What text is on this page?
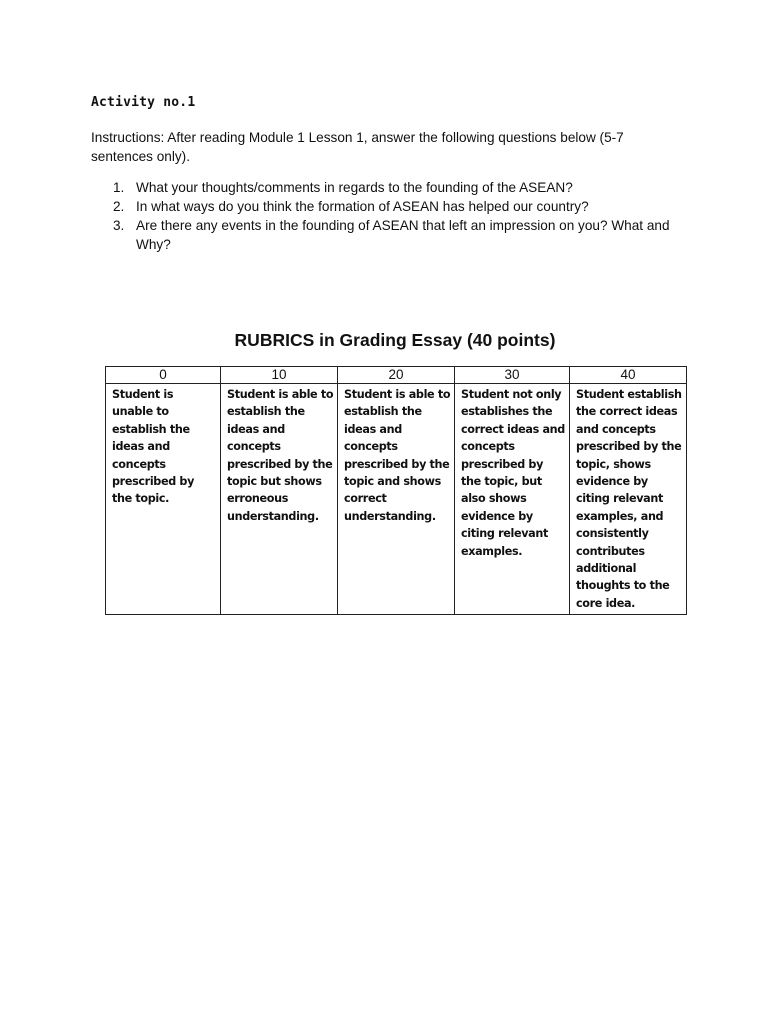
Activity no.1
Instructions: After reading Module 1 Lesson 1, answer the following questions below (5-7 sentences only).
1. What your thoughts/comments in regards to the founding of the ASEAN?
2. In what ways do you think the formation of ASEAN has helped our country?
3. Are there any events in the founding of ASEAN that left an impression on you? What and Why?
RUBRICS in Grading Essay (40 points)
0	10	20	30	40
Student is unable to establish the ideas and concepts prescribed by the topic.	Student is able to establish the ideas and concepts prescribed by the topic but shows erroneous understanding.	Student is able to establish the ideas and concepts prescribed by the topic and shows correct understanding.	Student not only establishes the correct ideas and concepts prescribed by the topic, but also shows evidence by citing relevant examples.	Student establish the correct ideas and concepts prescribed by the topic, shows evidence by citing relevant examples, and consistently contributes additional thoughts to the core idea.
